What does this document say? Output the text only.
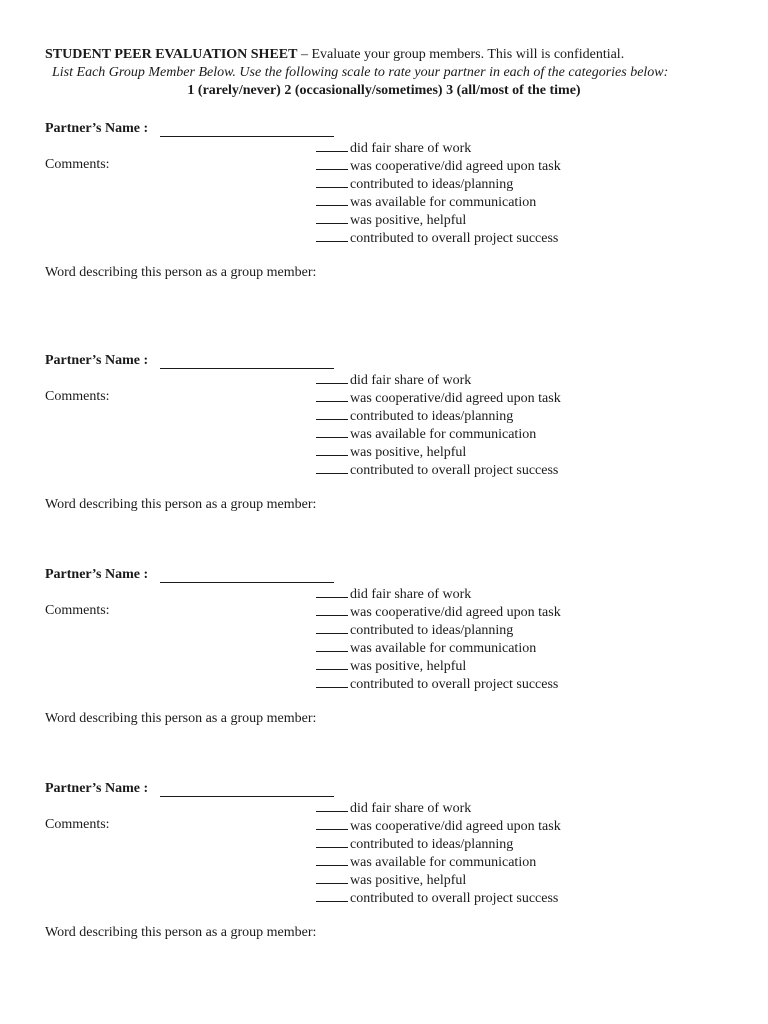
STUDENT PEER EVALUATION SHEET – Evaluate your group members. This will is confidential.
List Each Group Member Below. Use the following scale to rate your partner in each of the categories below:
1 (rarely/never) 2 (occasionally/sometimes) 3 (all/most of the time)
Partner’s Name :
Comments:
did fair share of work
was cooperative/did agreed upon task
contributed to ideas/planning
was available for communication
was positive, helpful
contributed to overall project success
Word describing this person as a group member:
Partner’s Name :
Comments:
did fair share of work
was cooperative/did agreed upon task
contributed to ideas/planning
was available for communication
was positive, helpful
contributed to overall project success
Word describing this person as a group member:
Partner’s Name :
Comments:
did fair share of work
was cooperative/did agreed upon task
contributed to ideas/planning
was available for communication
was positive, helpful
contributed to overall project success
Word describing this person as a group member:
Partner’s Name :
Comments:
did fair share of work
was cooperative/did agreed upon task
contributed to ideas/planning
was available for communication
was positive, helpful
contributed to overall project success
Word describing this person as a group member:
